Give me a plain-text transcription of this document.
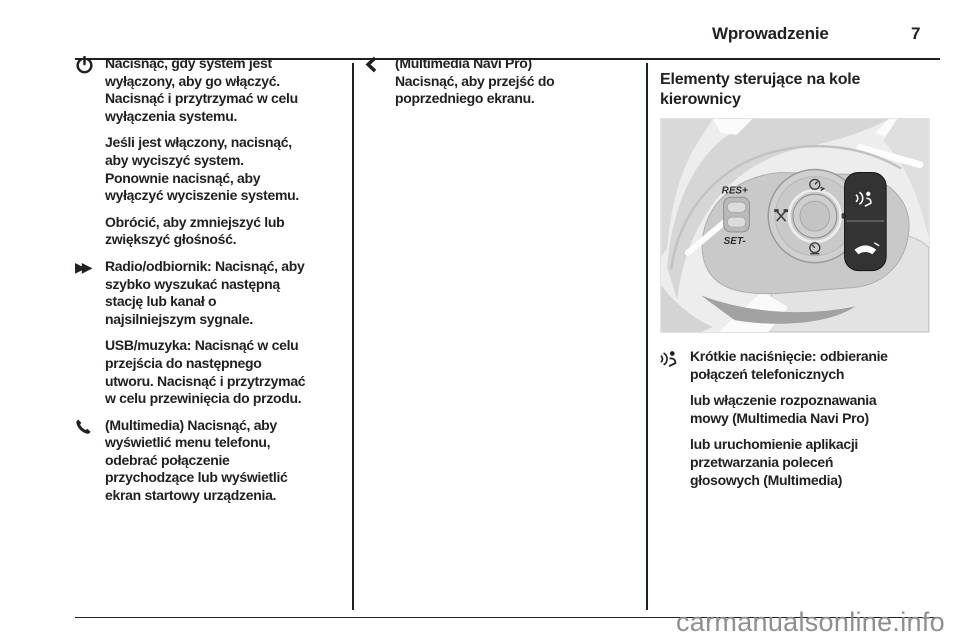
Wprowadzenie	7

Nacisnąć, gdy system jest wyłączony, aby go włączyć. Nacisnąć i przytrzymać w celu wyłączenia systemu.

Jeśli jest włączony, nacisnąć, aby wyciszyć system. Ponownie nacisnąć, aby wyłączyć wyciszenie systemu.

Obrócić, aby zmniejszyć lub zwiększyć głośność.

▶▶	Radio/odbiornik: Nacisnąć, aby szybko wyszukać następną stację lub kanał o najsilniejszym sygnale.

USB/muzyka: Nacisnąć w celu przejścia do następnego utworu. Nacisnąć i przytrzymać w celu przewinięcia do przodu.

(Multimedia) Nacisnąć, aby wyświetlić menu telefonu, odebrać połączenie przychodzące lub wyświetlić ekran startowy urządzenia.

(Multimedia Navi Pro) Nacisnąć, aby przejść do poprzedniego ekranu.

Elementy sterujące na kole kierownicy
RES+
SET-

Krótkie naciśnięcie: odbieranie połączeń telefonicznych

lub włączenie rozpoznawania mowy (Multimedia Navi Pro)

lub uruchomienie aplikacji przetwarzania poleceń głosowych (Multimedia)

carmanualsonline.info
